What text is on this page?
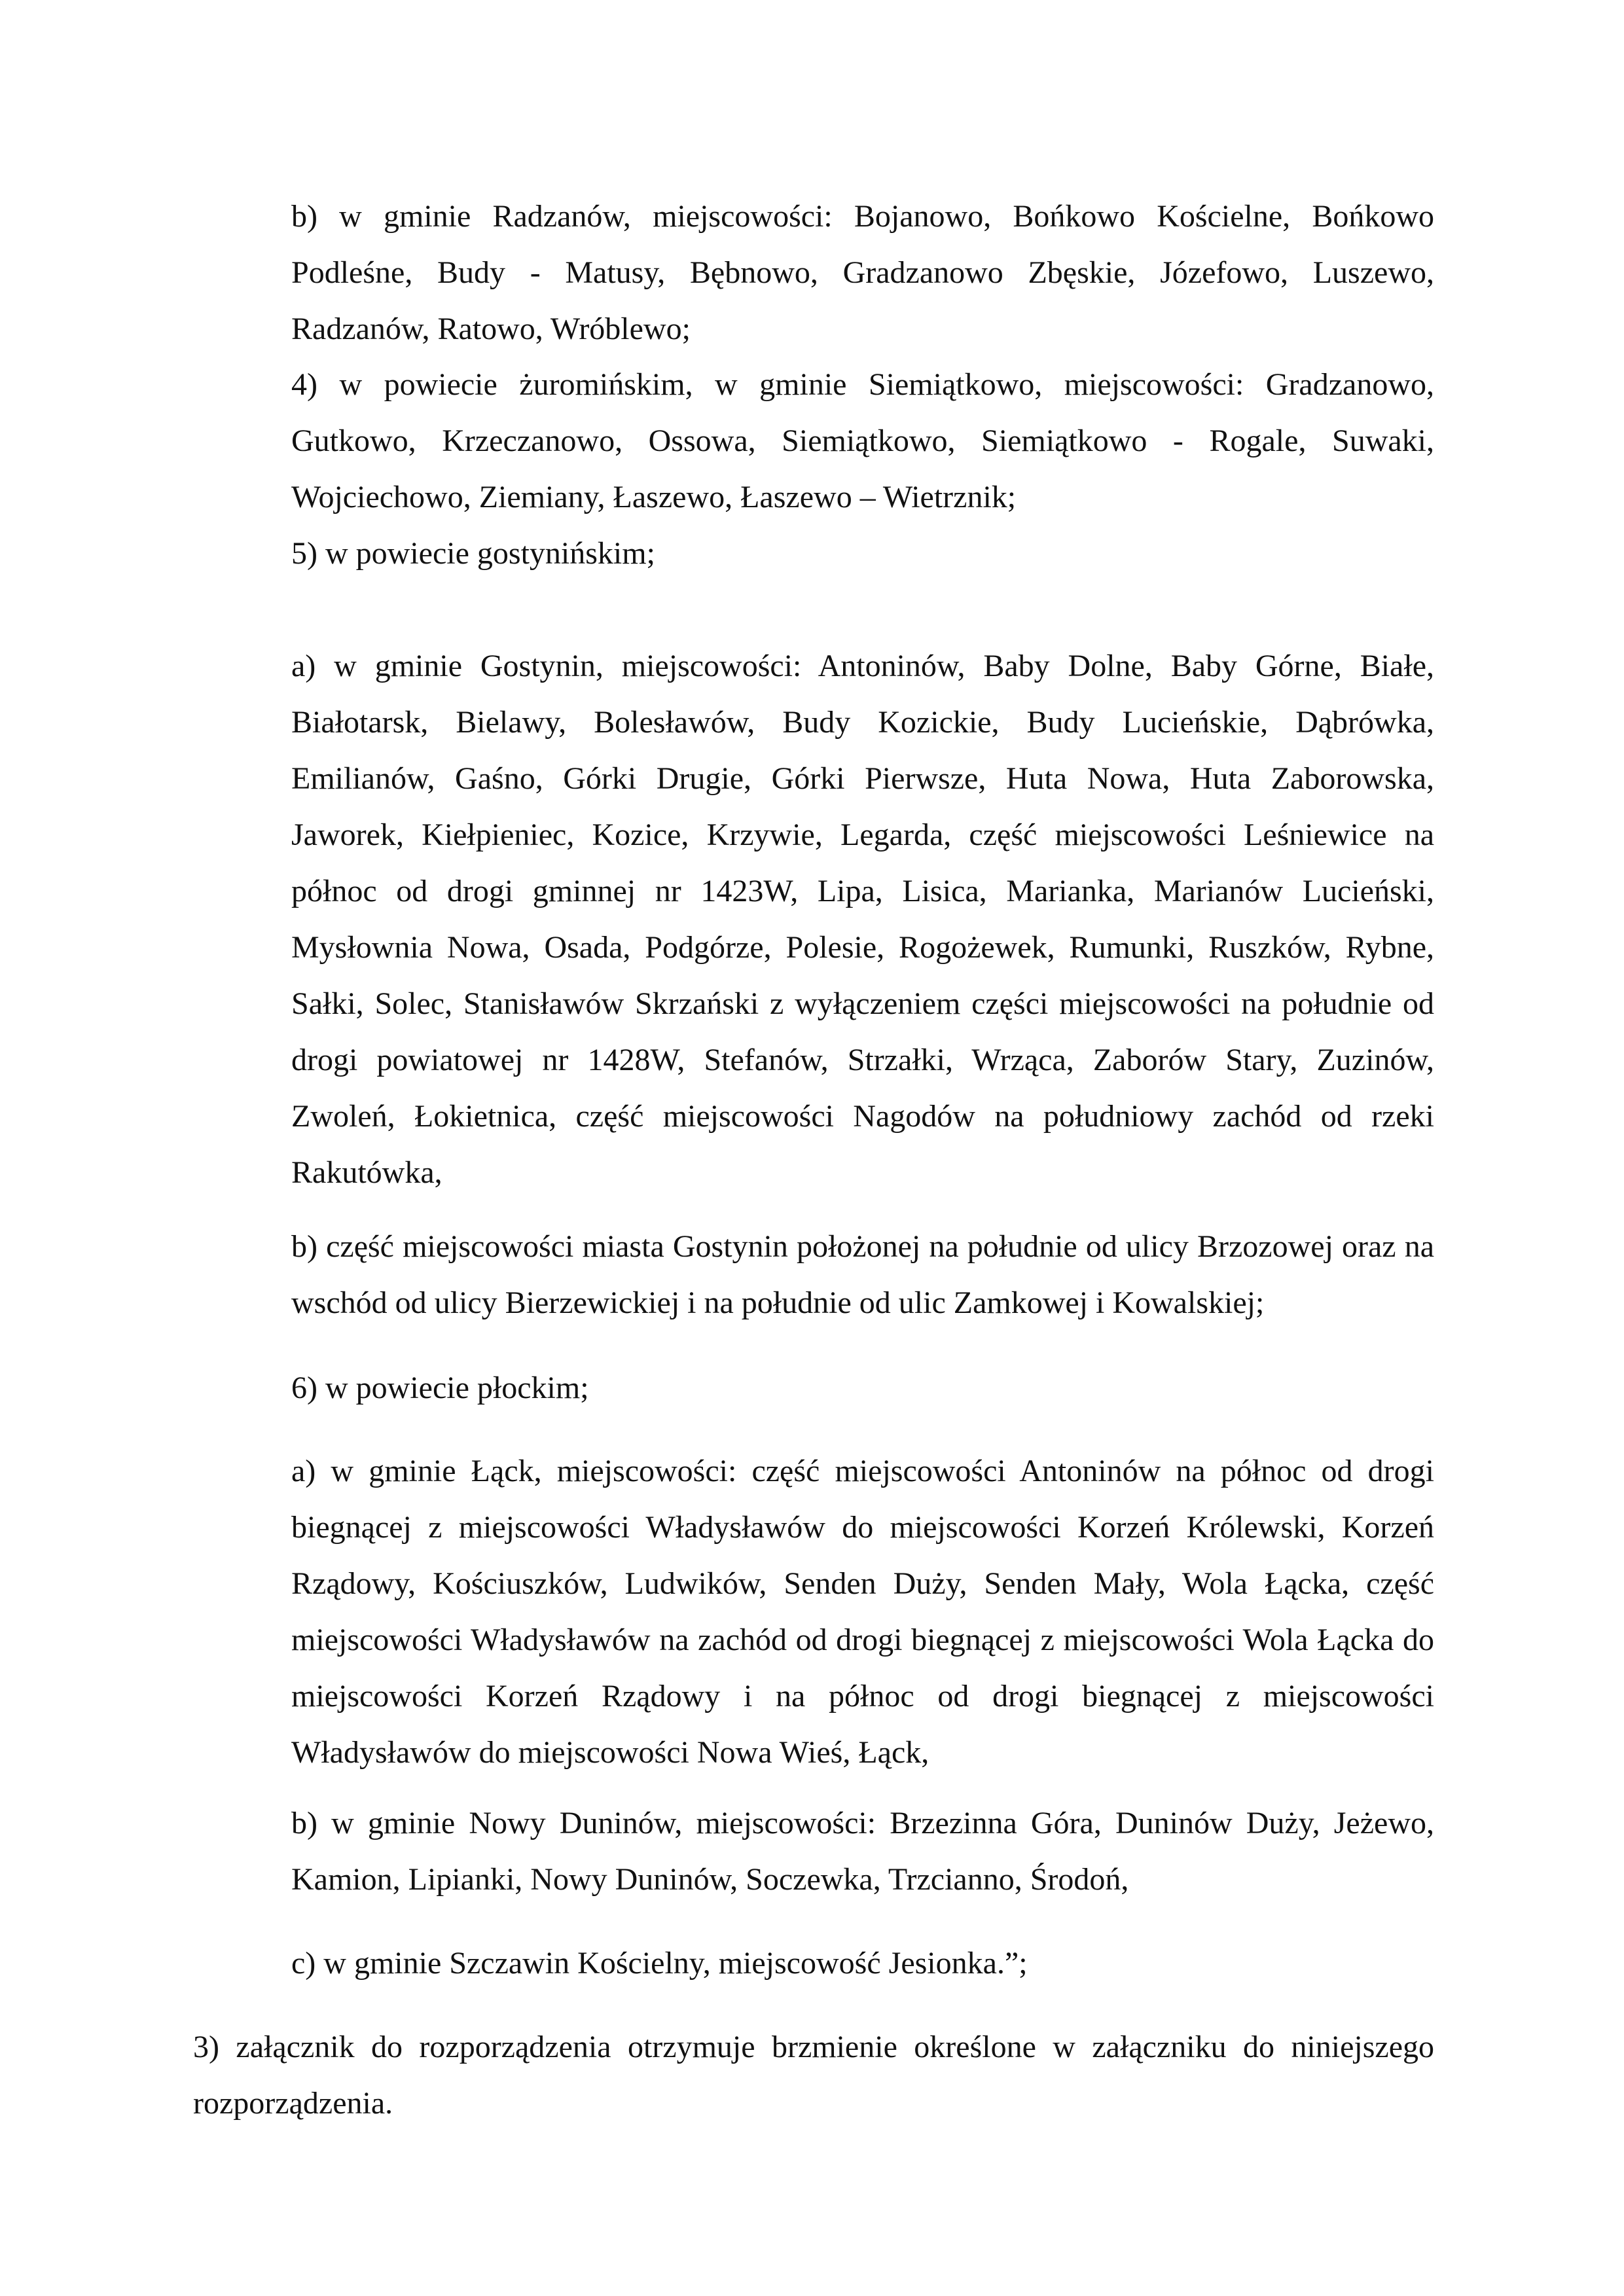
b) w gminie Radzanów, miejscowości: Bojanowo, Bońkowo Kościelne, Bońkowo Podleśne, Budy - Matusy, Bębnowo, Gradzanowo Zbęskie, Józefowo, Luszewo, Radzanów, Ratowo, Wróblewo;

4) w powiecie żuromińskim, w gminie Siemiątkowo, miejscowości: Gradzanowo, Gutkowo, Krzeczanowo, Ossowa, Siemiątkowo, Siemiątkowo - Rogale, Suwaki, Wojciechowo, Ziemiany, Łaszewo, Łaszewo – Wietrznik;

5) w powiecie gostynińskim;

a) w gminie Gostynin, miejscowości: Antoninów, Baby Dolne, Baby Górne, Białe, Białotarsk, Bielawy, Bolesławów, Budy Kozickie, Budy Lucieńskie, Dąbrówka, Emilianów, Gaśno, Górki Drugie, Górki Pierwsze, Huta Nowa, Huta Zaborowska, Jaworek, Kiełpieniec, Kozice, Krzywie, Legarda, część miejscowości Leśniewice na północ od drogi gminnej nr 1423W, Lipa, Lisica, Marianka, Marianów Lucieński, Mysłownia Nowa, Osada, Podgórze, Polesie, Rogożewek, Rumunki, Ruszków, Rybne, Sałki, Solec, Stanisławów Skrzański z wyłączeniem części miejscowości na południe od drogi powiatowej nr 1428W, Stefanów, Strzałki, Wrząca, Zaborów Stary, Zuzinów, Zwoleń, Łokietnica, część miejscowości Nagodów na południowy zachód od rzeki Rakutówka,

b) część miejscowości miasta Gostynin położonej na południe od ulicy Brzozowej oraz na wschód od ulicy Bierzewickiej i na południe od ulic Zamkowej i Kowalskiej;

6) w powiecie płockim;

a) w gminie Łąck, miejscowości: część miejscowości Antoninów na północ od drogi biegnącej z miejscowości Władysławów do miejscowości Korzeń Królewski, Korzeń Rządowy, Kościuszków, Ludwików, Senden Duży, Senden Mały, Wola Łącka, część miejscowości Władysławów na zachód od drogi biegnącej z miejscowości Wola Łącka do miejscowości Korzeń Rządowy i na północ od drogi biegnącej z miejscowości Władysławów do miejscowości Nowa Wieś, Łąck,

b) w gminie Nowy Duninów, miejscowości: Brzezinna Góra, Duninów Duży, Jeżewo, Kamion, Lipianki, Nowy Duninów, Soczewka, Trzcianno, Środoń,

c) w gminie Szczawin Kościelny, miejscowość Jesionka.”;

3) załącznik do rozporządzenia otrzymuje brzmienie określone w załączniku do niniejszego rozporządzenia.
